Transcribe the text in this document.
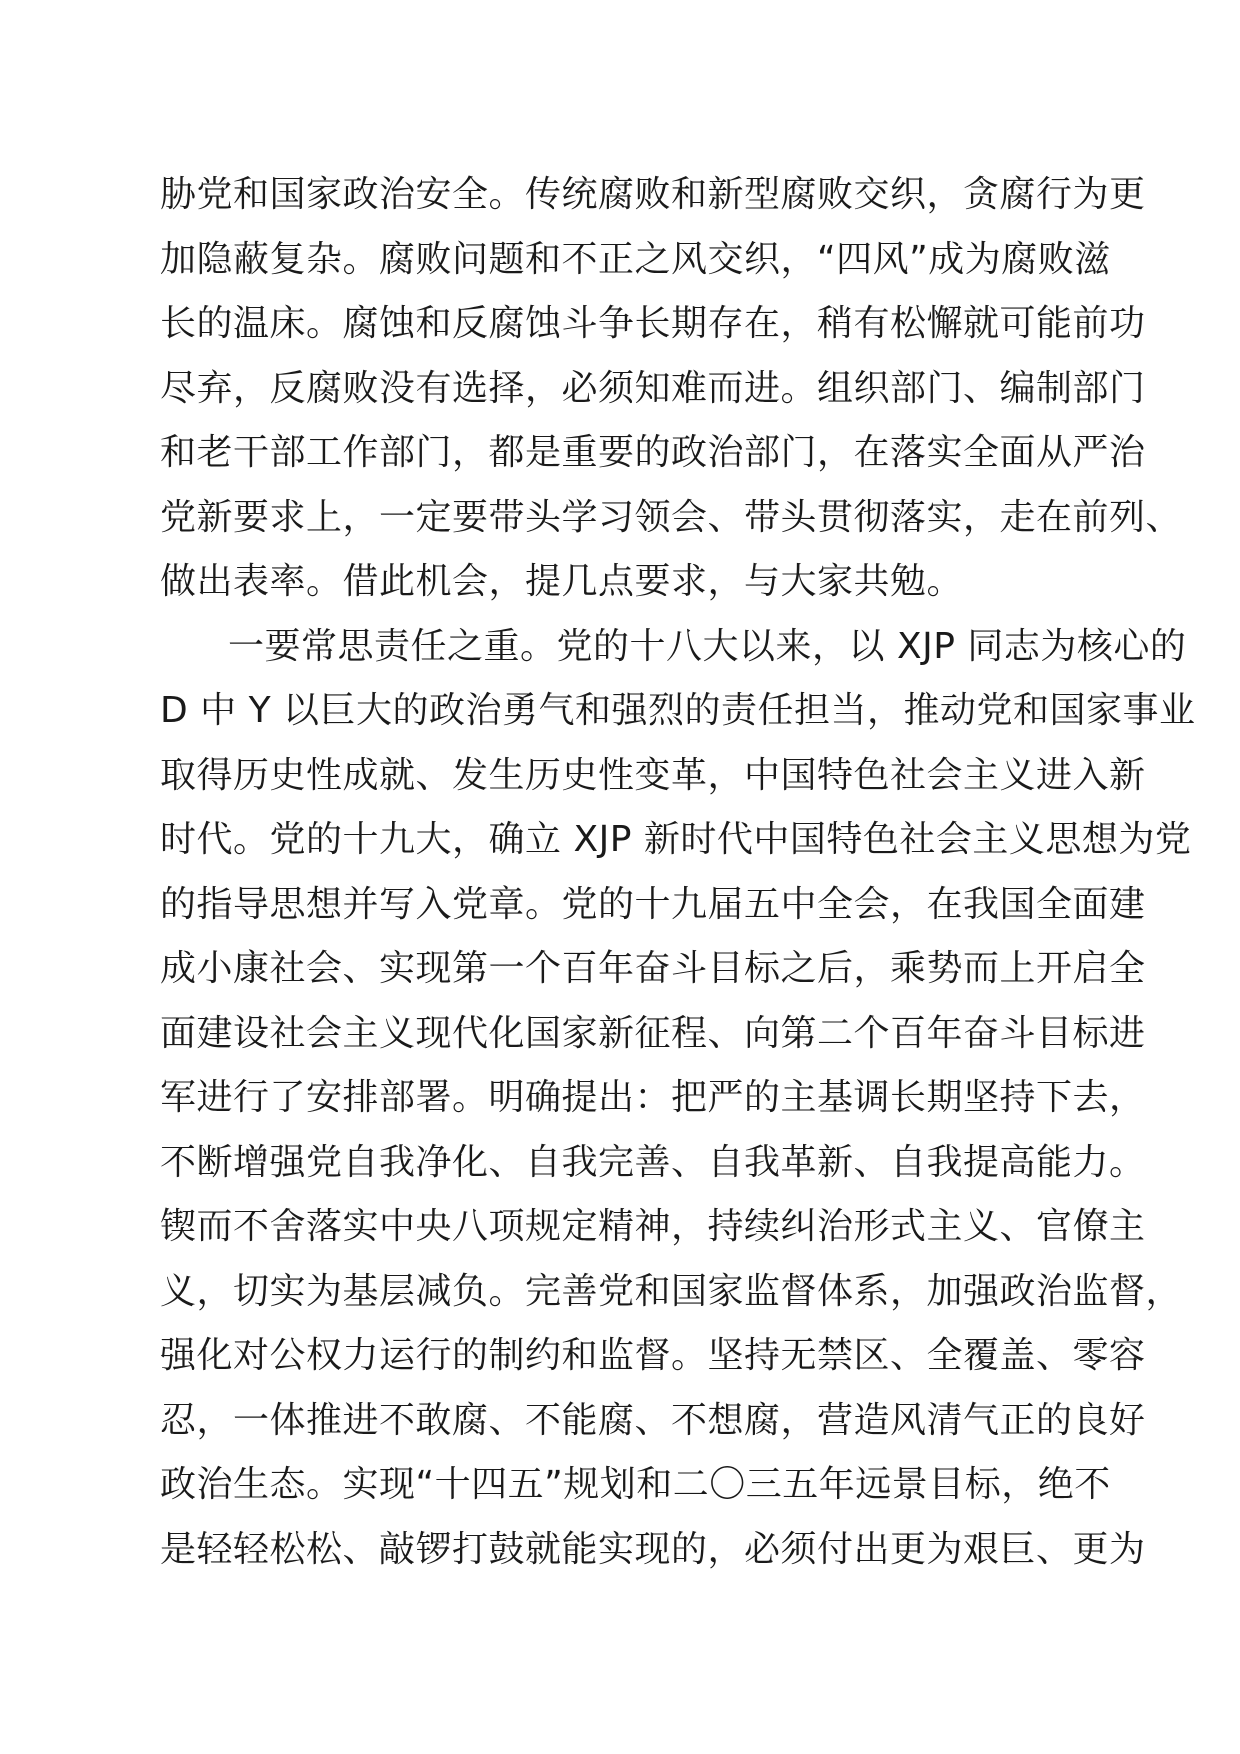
胁党和国家政治安全。传统腐败和新型腐败交织，贪腐行为更
加隐蔽复杂。腐败问题和不正之风交织，“四风”成为腐败滋
长的温床。腐蚀和反腐蚀斗争长期存在，稍有松懈就可能前功
尽弃，反腐败没有选择，必须知难而进。组织部门、编制部门
和老干部工作部门，都是重要的政治部门，在落实全面从严治
党新要求上，一定要带头学习领会、带头贯彻落实，走在前列、
做出表率。借此机会，提几点要求，与大家共勉。
一要常思责任之重。党的十八大以来，以 XJP 同志为核心的
D 中 Y 以巨大的政治勇气和强烈的责任担当，推动党和国家事业
取得历史性成就、发生历史性变革，中国特色社会主义进入新
时代。党的十九大，确立 XJP 新时代中国特色社会主义思想为党
的指导思想并写入党章。党的十九届五中全会，在我国全面建
成小康社会、实现第一个百年奋斗目标之后，乘势而上开启全
面建设社会主义现代化国家新征程、向第二个百年奋斗目标进
军进行了安排部署。明确提出：把严的主基调长期坚持下去，
不断增强党自我净化、自我完善、自我革新、自我提高能力。
锲而不舍落实中央八项规定精神，持续纠治形式主义、官僚主
义，切实为基层减负。完善党和国家监督体系，加强政治监督，
强化对公权力运行的制约和监督。坚持无禁区、全覆盖、零容
忍，一体推进不敢腐、不能腐、不想腐，营造风清气正的良好
政治生态。实现“十四五”规划和二〇三五年远景目标，绝不
是轻轻松松、敲锣打鼓就能实现的，必须付出更为艰巨、更为
